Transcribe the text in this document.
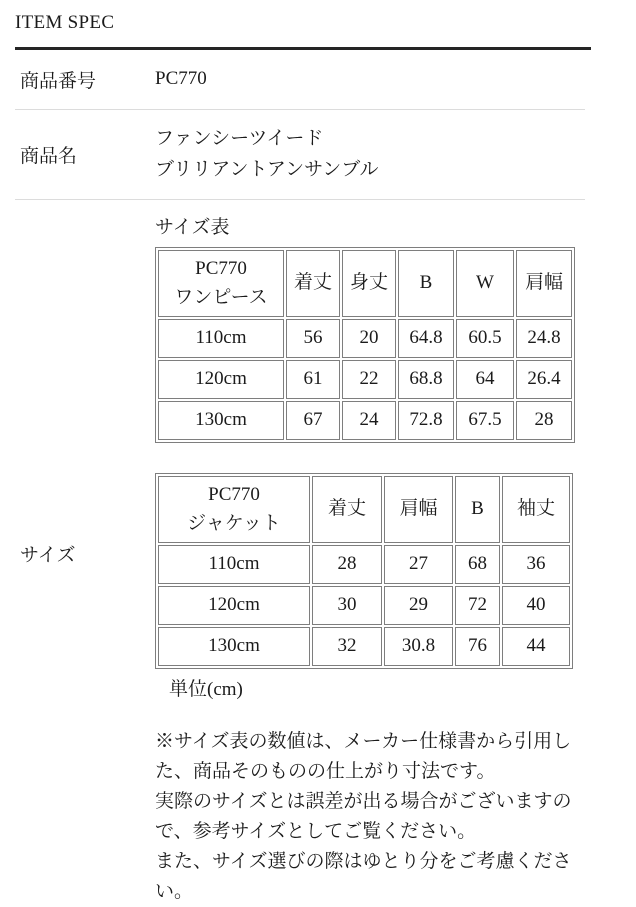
ITEM SPEC
商品番号	PC770
商品名
ファンシーツイード
ブリリアントアンサンブル
サイズ
サイズ表
PC770
ワンピース	着丈	身丈	B	W	肩幅
110cm	56	20	64.8	60.5	24.8
120cm	61	22	68.8	64	26.4
130cm	67	24	72.8	67.5	28
PC770
ジャケット	着丈	肩幅	B	袖丈
110cm	28	27	68	36
120cm	30	29	72	40
130cm	32	30.8	76	44
単位(cm)

※サイズ表の数値は、メーカー仕様書から引用した、商品そのものの仕上がり寸法です。

実際のサイズとは誤差が出る場合がございますので、参考サイズとしてご覧ください。

また、サイズ選びの際はゆとり分をご考慮ください。
